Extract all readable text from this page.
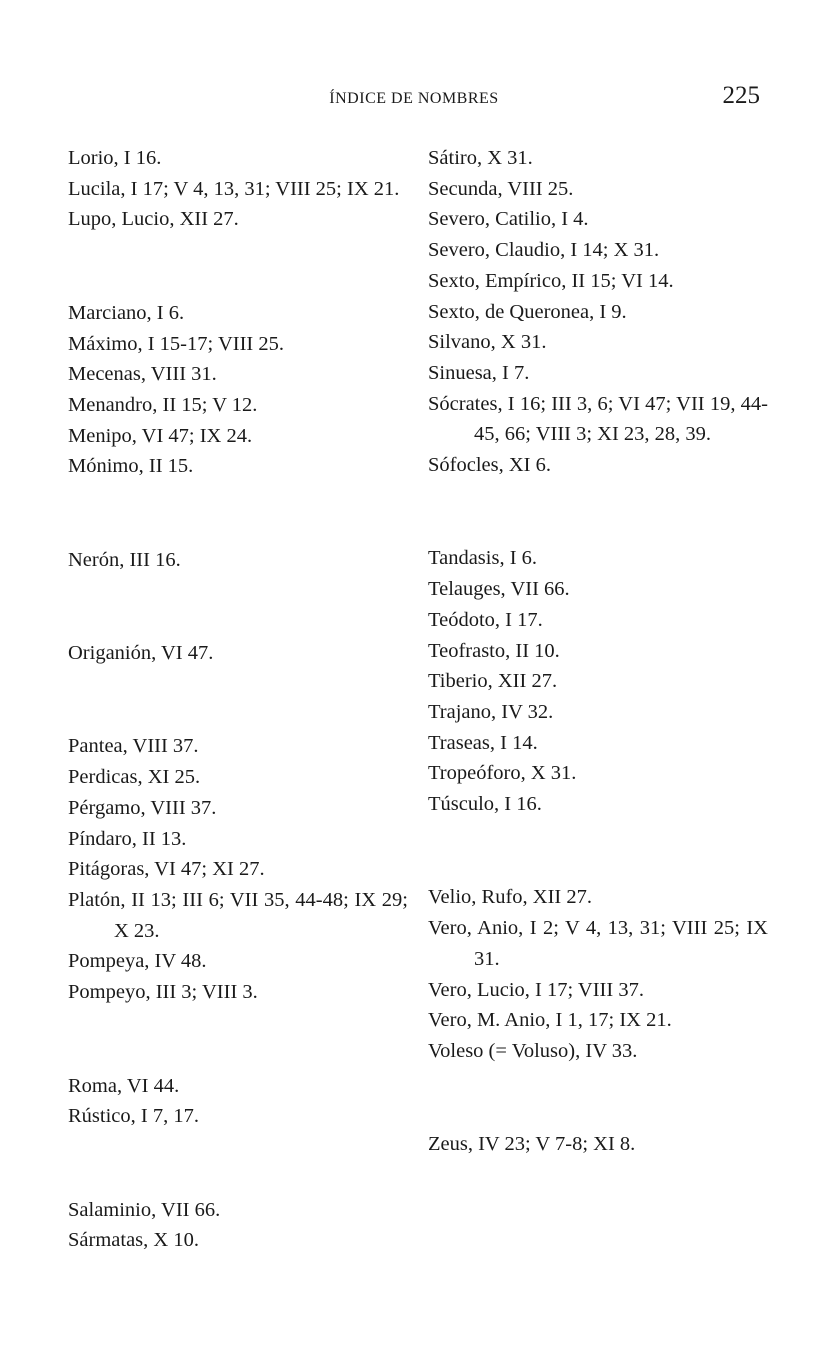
ÍNDICE DE NOMBRES	225

Lorio, I 16.

Lucila, I 17; V 4, 13, 31; VIII 25; IX 21.

Lupo, Lucio, XII 27.

Marciano, I 6.

Máximo, I 15-17; VIII 25.

Mecenas, VIII 31.

Menandro, II 15; V 12.

Menipo, VI 47; IX 24.

Mónimo, II 15.

Nerón, III 16.

Origanión, VI 47.

Pantea, VIII 37.

Perdicas, XI 25.

Pérgamo, VIII 37.

Píndaro, II 13.

Pitágoras, VI 47; XI 27.

Platón, II 13; III 6; VII 35, 44-48; IX 29; X 23.

Pompeya, IV 48.

Pompeyo, III 3; VIII 3.

Roma, VI 44.

Rústico, I 7, 17.

Salaminio, VII 66.

Sármatas, X 10.

Sátiro, X 31.

Secunda, VIII 25.

Severo, Catilio, I 4.

Severo, Claudio, I 14; X 31.

Sexto, Empírico, II 15; VI 14.

Sexto, de Queronea, I 9.

Silvano, X 31.

Sinuesa, I 7.

Sócrates, I 16; III 3, 6; VI 47; VII 19, 44-45, 66; VIII 3; XI 23, 28, 39.

Sófocles, XI 6.

Tandasis, I 6.

Telauges, VII 66.

Teódoto, I 17.

Teofrasto, II 10.

Tiberio, XII 27.

Trajano, IV 32.

Traseas, I 14.

Tropeóforo, X 31.

Túsculo, I 16.

Velio, Rufo, XII 27.

Vero, Anio, I 2; V 4, 13, 31; VIII 25; IX 31.

Vero, Lucio, I 17; VIII 37.

Vero, M. Anio, I 1, 17; IX 21.

Voleso (= Voluso), IV 33.

Zeus, IV 23; V 7-8; XI 8.
